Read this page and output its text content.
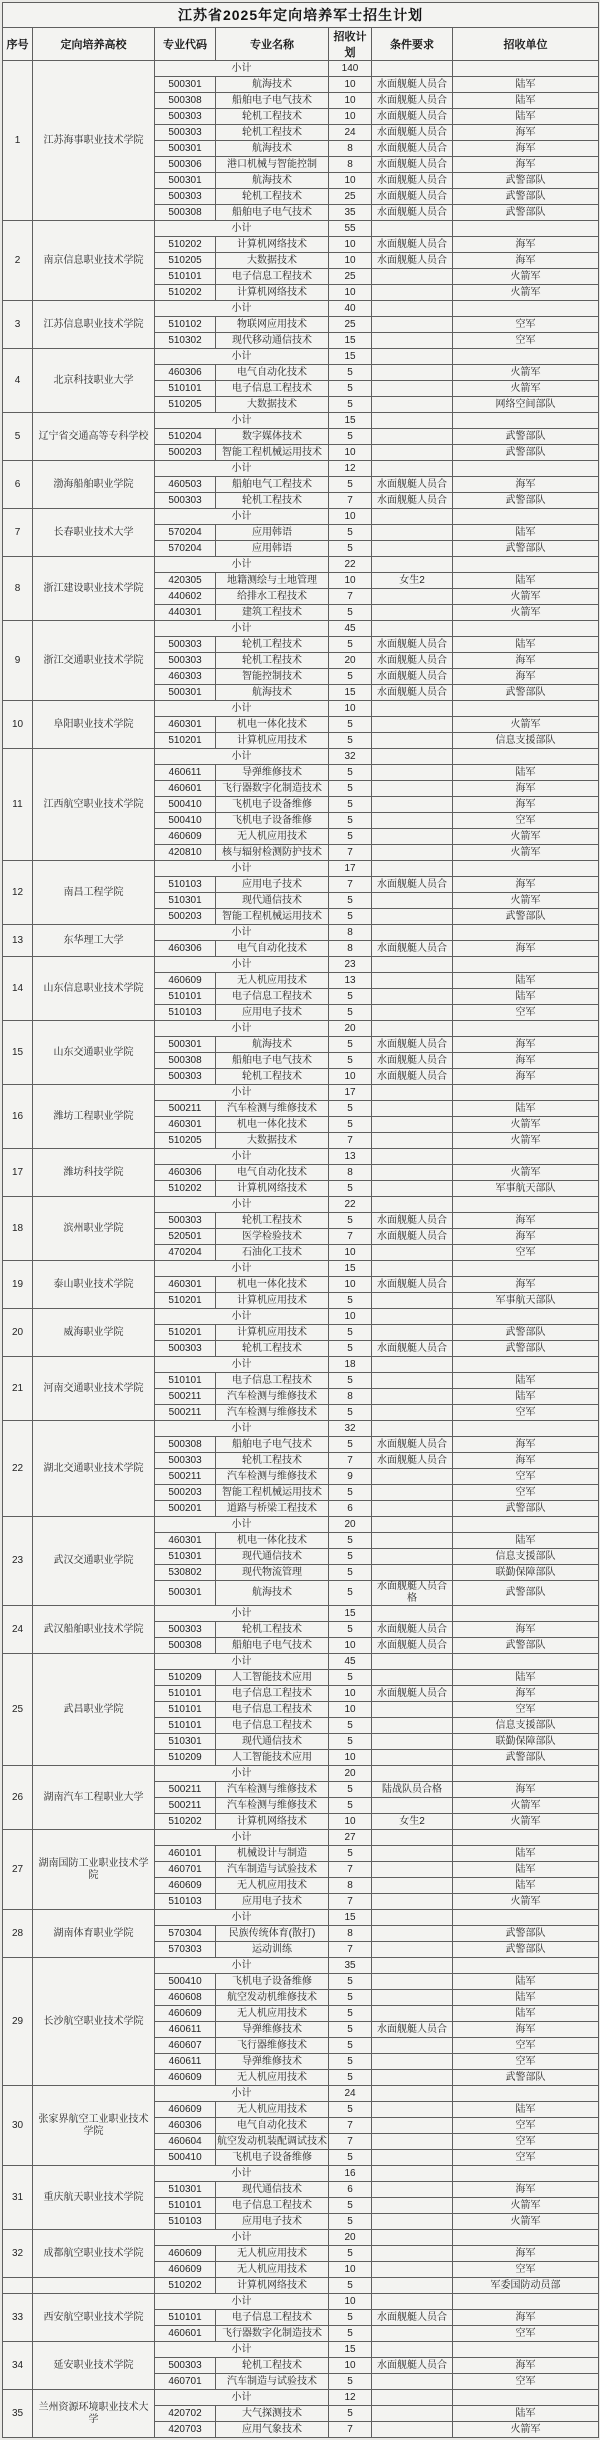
江苏省2025年定向培养军士招生计划						
序号	定向培养高校	专业代码	专业名称	招收计划	条件要求	招收单位
1	江苏海事职业技术学院	小计		140		
		500301	航海技术	10	水面舰艇人员合	陆军
		500308	船舶电子电气技术	10	水面舰艇人员合	陆军
		500303	轮机工程技术	10	水面舰艇人员合	陆军
		500303	轮机工程技术	24	水面舰艇人员合	海军
		500301	航海技术	8	水面舰艇人员合	海军
		500306	港口机械与智能控制	8	水面舰艇人员合	海军
		500301	航海技术	10	水面舰艇人员合	武警部队
		500303	轮机工程技术	25	水面舰艇人员合	武警部队
		500308	船舶电子电气技术	35	水面舰艇人员合	武警部队
2	南京信息职业技术学院	小计		55		
		510202	计算机网络技术	10	水面舰艇人员合	海军
		510205	大数据技术	10	水面舰艇人员合	海军
		510101	电子信息工程技术	25		火箭军
		510202	计算机网络技术	10		火箭军
3	江苏信息职业技术学院	小计		40		
		510102	物联网应用技术	25		空军
		510302	现代移动通信技术	15		空军
4	北京科技职业大学	小计		15		
		460306	电气自动化技术	5		火箭军
		510101	电子信息工程技术	5		火箭军
		510205	大数据技术	5		网络空间部队
5	辽宁省交通高等专科学校	小计		15		
		510204	数字媒体技术	5		武警部队
		500203	智能工程机械运用技术	10		武警部队
6	渤海船舶职业学院	小计		12		
		460503	船舶电气工程技术	5	水面舰艇人员合	海军
		500303	轮机工程技术	7	水面舰艇人员合	武警部队
7	长春职业技术大学	小计		10		
		570204	应用韩语	5		陆军
		570204	应用韩语	5		武警部队
8	浙江建设职业技术学院	小计		22		
		420305	地籍测绘与土地管理	10	女生2	陆军
		440602	给排水工程技术	7		火箭军
		440301	建筑工程技术	5		火箭军
9	浙江交通职业技术学院	小计		45		
		500303	轮机工程技术	5	水面舰艇人员合	陆军
		500303	轮机工程技术	20	水面舰艇人员合	海军
		460303	智能控制技术	5	水面舰艇人员合	海军
		500301	航海技术	15	水面舰艇人员合	武警部队
10	阜阳职业技术学院	小计		10		
		460301	机电一体化技术	5		火箭军
		510201	计算机应用技术	5		信息支援部队
11	江西航空职业技术学院	小计		32		
		460611	导弹维修技术	5		陆军
		460601	飞行器数字化制造技术	5		海军
		500410	飞机电子设备维修	5		海军
		500410	飞机电子设备维修	5		空军
		460609	无人机应用技术	5		火箭军
		420810	核与辐射检测防护技术	7		火箭军
12	南昌工程学院	小计		17		
		510103	应用电子技术	7	水面舰艇人员合	海军
		510301	现代通信技术	5		火箭军
		500203	智能工程机械运用技术	5		武警部队
13	东华理工大学	小计		8		
		460306	电气自动化技术	8	水面舰艇人员合	海军
14	山东信息职业技术学院	小计		23		
		460609	无人机应用技术	13		陆军
		510101	电子信息工程技术	5		陆军
		510103	应用电子技术	5		空军
15	山东交通职业学院	小计		20		
		500301	航海技术	5	水面舰艇人员合	海军
		500308	船舶电子电气技术	5	水面舰艇人员合	海军
		500303	轮机工程技术	10	水面舰艇人员合	海军
16	潍坊工程职业学院	小计		17		
		500211	汽车检测与维修技术	5		陆军
		460301	机电一体化技术	5		火箭军
		510205	大数据技术	7		火箭军
17	潍坊科技学院	小计		13		
		460306	电气自动化技术	8		火箭军
		510202	计算机网络技术	5		军事航天部队
18	滨州职业学院	小计		22		
		500303	轮机工程技术	5	水面舰艇人员合	海军
		520501	医学检验技术	7	水面舰艇人员合	海军
		470204	石油化工技术	10		空军
19	泰山职业技术学院	小计		15		
		460301	机电一体化技术	10	水面舰艇人员合	海军
		510201	计算机应用技术	5		军事航天部队
20	威海职业学院	小计		10		
		510201	计算机应用技术	5		武警部队
		500303	轮机工程技术	5	水面舰艇人员合	武警部队
21	河南交通职业技术学院	小计		18		
		510101	电子信息工程技术	5		陆军
		500211	汽车检测与维修技术	8		陆军
		500211	汽车检测与维修技术	5		空军
22	湖北交通职业技术学院	小计		32		
		500308	船舶电子电气技术	5	水面舰艇人员合	海军
		500303	轮机工程技术	7	水面舰艇人员合	海军
		500211	汽车检测与维修技术	9		空军
		500203	智能工程机械运用技术	5		空军
		500201	道路与桥梁工程技术	6		武警部队
23	武汉交通职业学院	小计		20		
		460301	机电一体化技术	5		陆军
		510301	现代通信技术	5		信息支援部队
		530802	现代物流管理	5		联勤保障部队
		500301	航海技术	5	水面舰艇人员合格	武警部队
24	武汉船舶职业技术学院	小计		15		
		500303	轮机工程技术	5	水面舰艇人员合	海军
		500308	船舶电子电气技术	10	水面舰艇人员合	武警部队
25	武昌职业学院	小计		45		
		510209	人工智能技术应用	5		陆军
		510101	电子信息工程技术	10	水面舰艇人员合	海军
		510101	电子信息工程技术	10		空军
		510101	电子信息工程技术	5		信息支援部队
		510301	现代通信技术	5		联勤保障部队
		510209	人工智能技术应用	10		武警部队
26	湖南汽车工程职业大学	小计		20		
		500211	汽车检测与维修技术	5	陆战队员合格	海军
		500211	汽车检测与维修技术	5		火箭军
		510202	计算机网络技术	10	女生2	火箭军
27	湖南国防工业职业技术学院	小计		27		
		460101	机械设计与制造	5		陆军
		460701	汽车制造与试验技术	7		陆军
		460609	无人机应用技术	8		陆军
		510103	应用电子技术	7		火箭军
28	湖南体育职业学院	小计		15		
		570304	民族传统体育(散打)	8		武警部队
		570303	运动训练	7		武警部队
29	长沙航空职业技术学院	小计		35		
		500410	飞机电子设备维修	5		陆军
		460608	航空发动机维修技术	5		陆军
		460609	无人机应用技术	5		陆军
		460611	导弹维修技术	5	水面舰艇人员合	海军
		460607	飞行器维修技术	5		空军
		460611	导弹维修技术	5		空军
		460609	无人机应用技术	5		武警部队
30	张家界航空工业职业技术学院	小计		24		
		460609	无人机应用技术	5		陆军
		460306	电气自动化技术	7		空军
		460604	航空发动机装配调试技术	7		空军
		500410	飞机电子设备维修	5		空军
31	重庆航天职业技术学院	小计		16		
		510301	现代通信技术	6		海军
		510101	电子信息工程技术	5		火箭军
		510103	应用电子技术	5		火箭军
32	成都航空职业技术学院	小计		20		
		460609	无人机应用技术	5		海军
		460609	无人机应用技术	10		空军
		510202	计算机网络技术	5		军委国防动员部
33	西安航空职业技术学院	小计		10		
		510101	电子信息工程技术	5	水面舰艇人员合	海军
		460601	飞行器数字化制造技术	5		空军
34	延安职业技术学院	小计		15		
		500303	轮机工程技术	10	水面舰艇人员合	海军
		460701	汽车制造与试验技术	5		空军
35	兰州资源环境职业技术大学	小计		12		
		420702	大气探测技术	5		陆军
		420703	应用气象技术	7		火箭军
